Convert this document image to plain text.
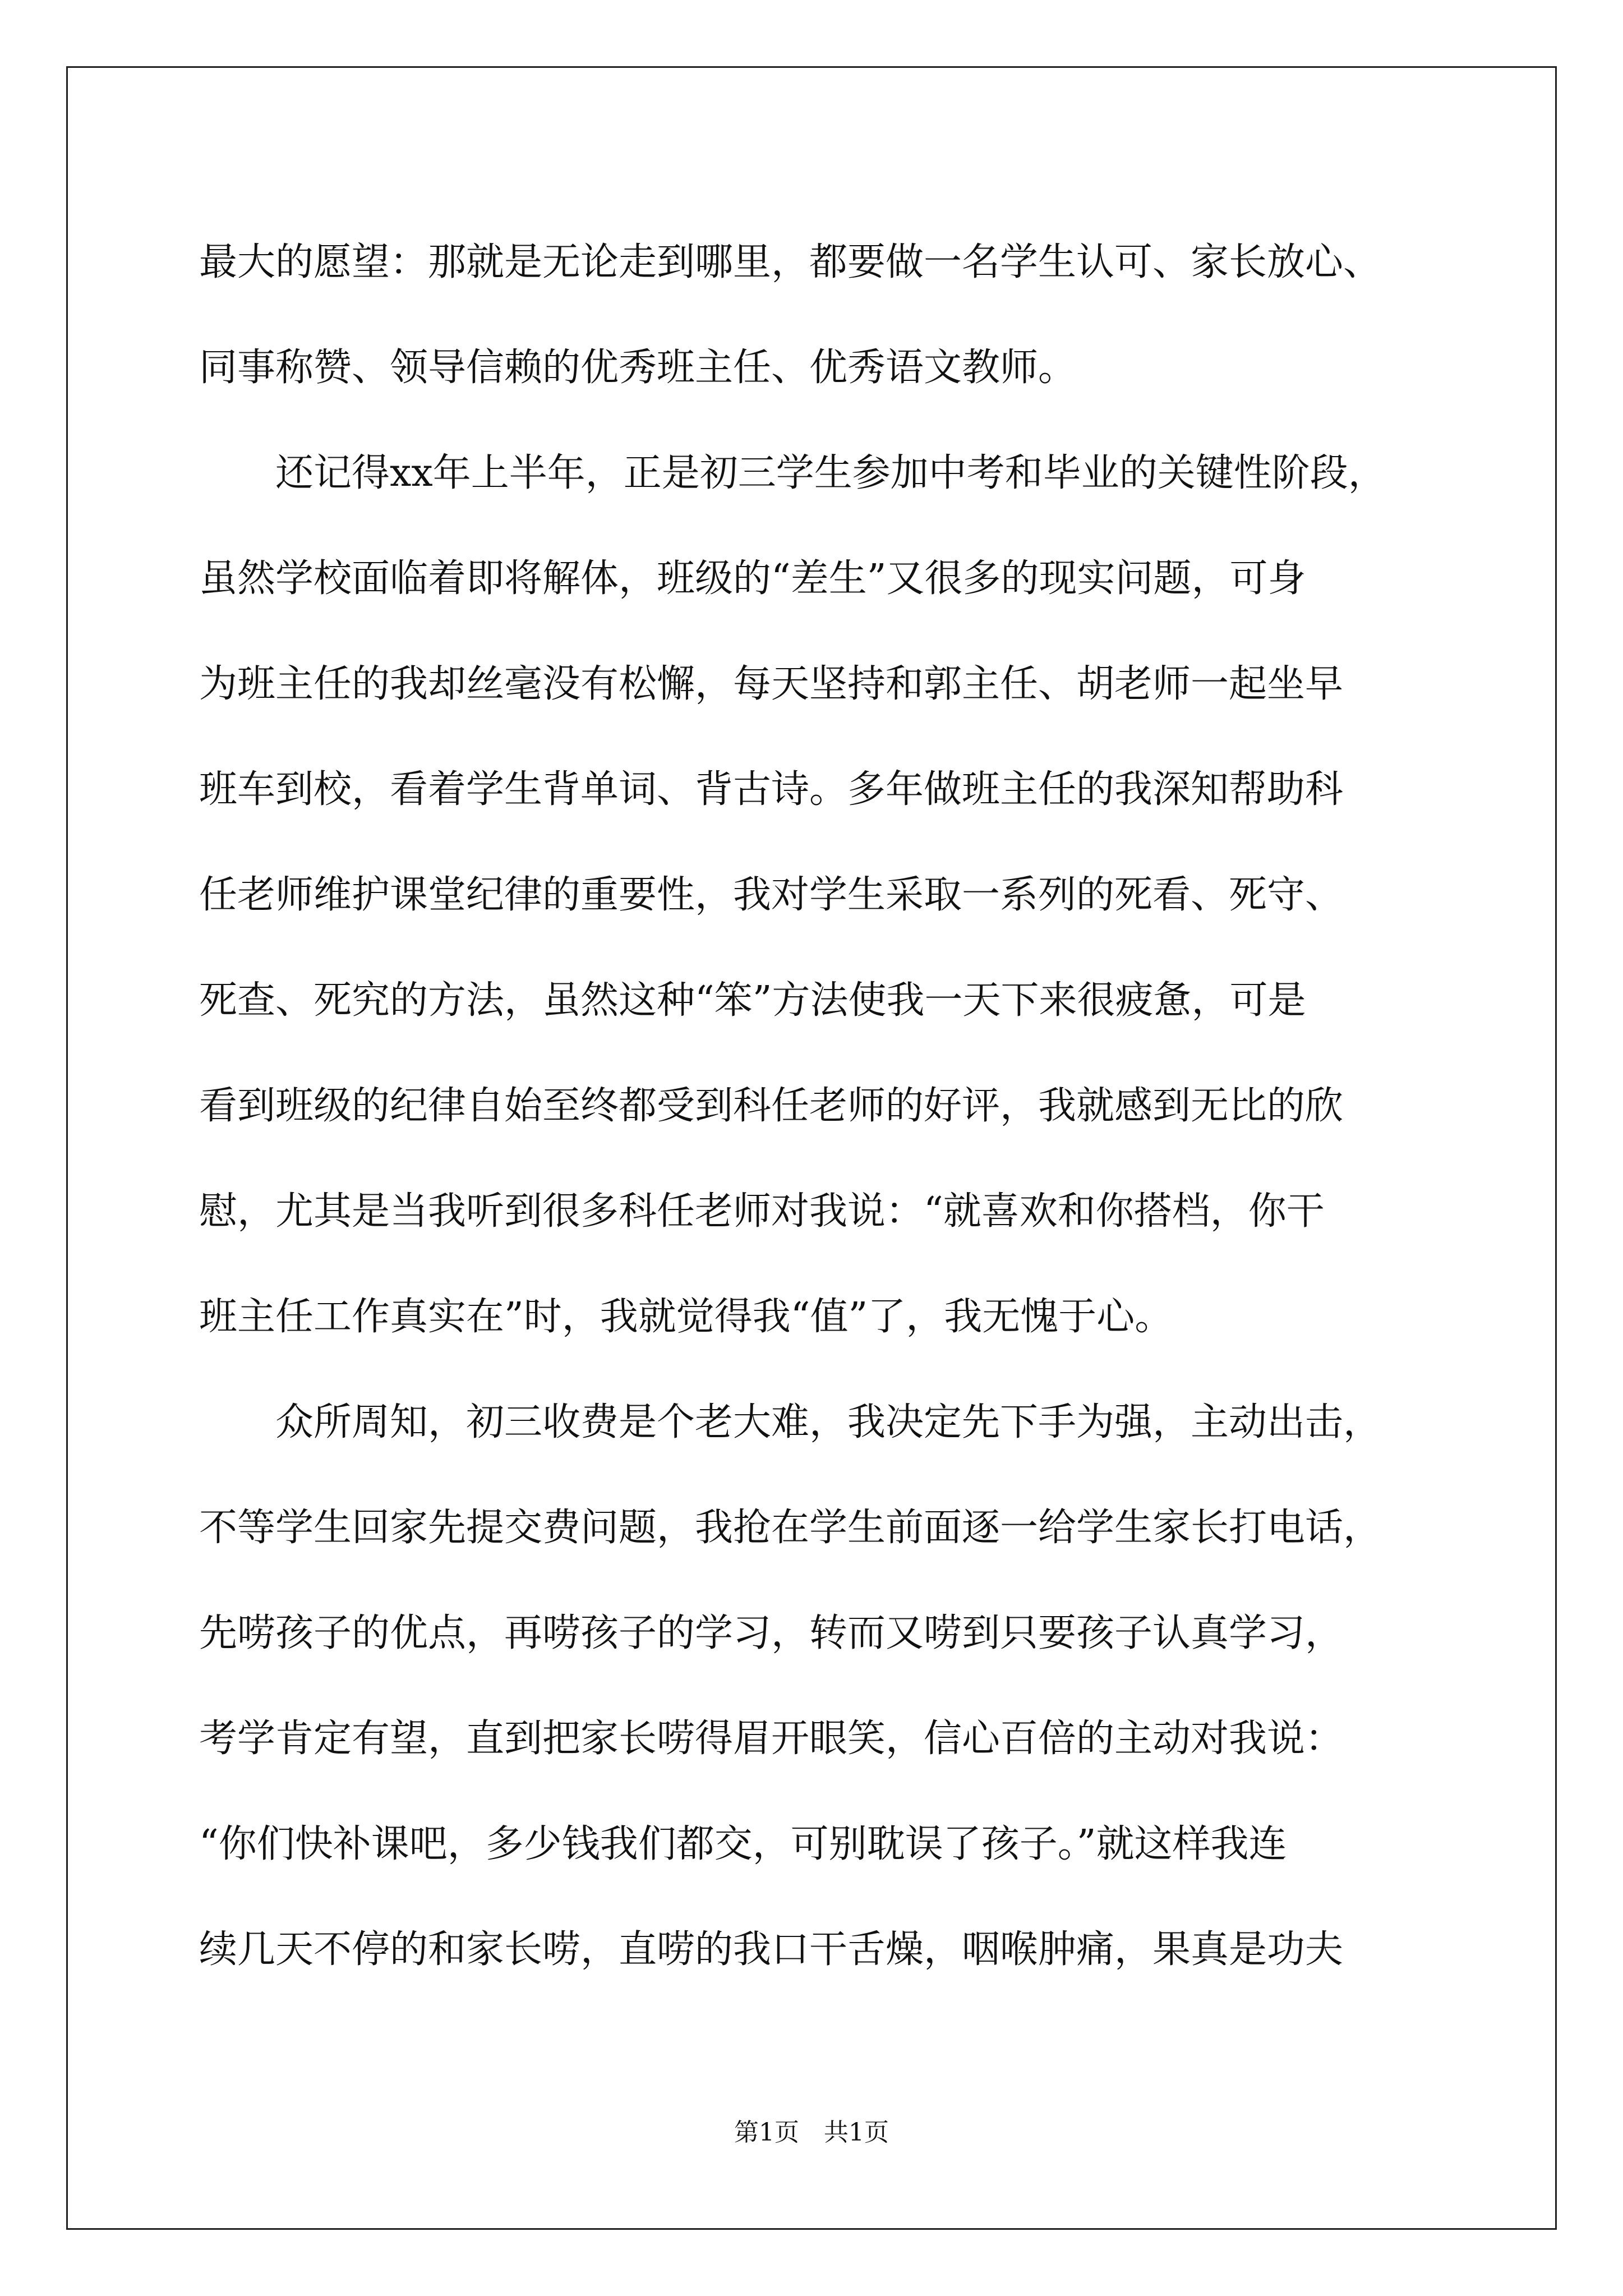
最大的愿望：那就是无论走到哪里，都要做一名学生认可、家长放心、
同事称赞、领导信赖的优秀班主任、优秀语文教师。
　　还记得xx年上半年，正是初三学生参加中考和毕业的关键性阶段，
虽然学校面临着即将解体，班级的“差生”又很多的现实问题，可身
为班主任的我却丝毫没有松懈，每天坚持和郭主任、胡老师一起坐早
班车到校，看着学生背单词、背古诗。多年做班主任的我深知帮助科
任老师维护课堂纪律的重要性，我对学生采取一系列的死看、死守、
死查、死究的方法，虽然这种“笨”方法使我一天下来很疲惫，可是
看到班级的纪律自始至终都受到科任老师的好评，我就感到无比的欣
慰，尤其是当我听到很多科任老师对我说：“就喜欢和你搭档，你干
班主任工作真实在”时，我就觉得我“值”了，我无愧于心。
　　众所周知，初三收费是个老大难，我决定先下手为强，主动出击，
不等学生回家先提交费问题，我抢在学生前面逐一给学生家长打电话，
先唠孩子的优点，再唠孩子的学习，转而又唠到只要孩子认真学习，
考学肯定有望，直到把家长唠得眉开眼笑，信心百倍的主动对我说：
“你们快补课吧，多少钱我们都交，可别耽误了孩子。”就这样我连
续几天不停的和家长唠，直唠的我口干舌燥，咽喉肿痛，果真是功夫
第1页　共1页
